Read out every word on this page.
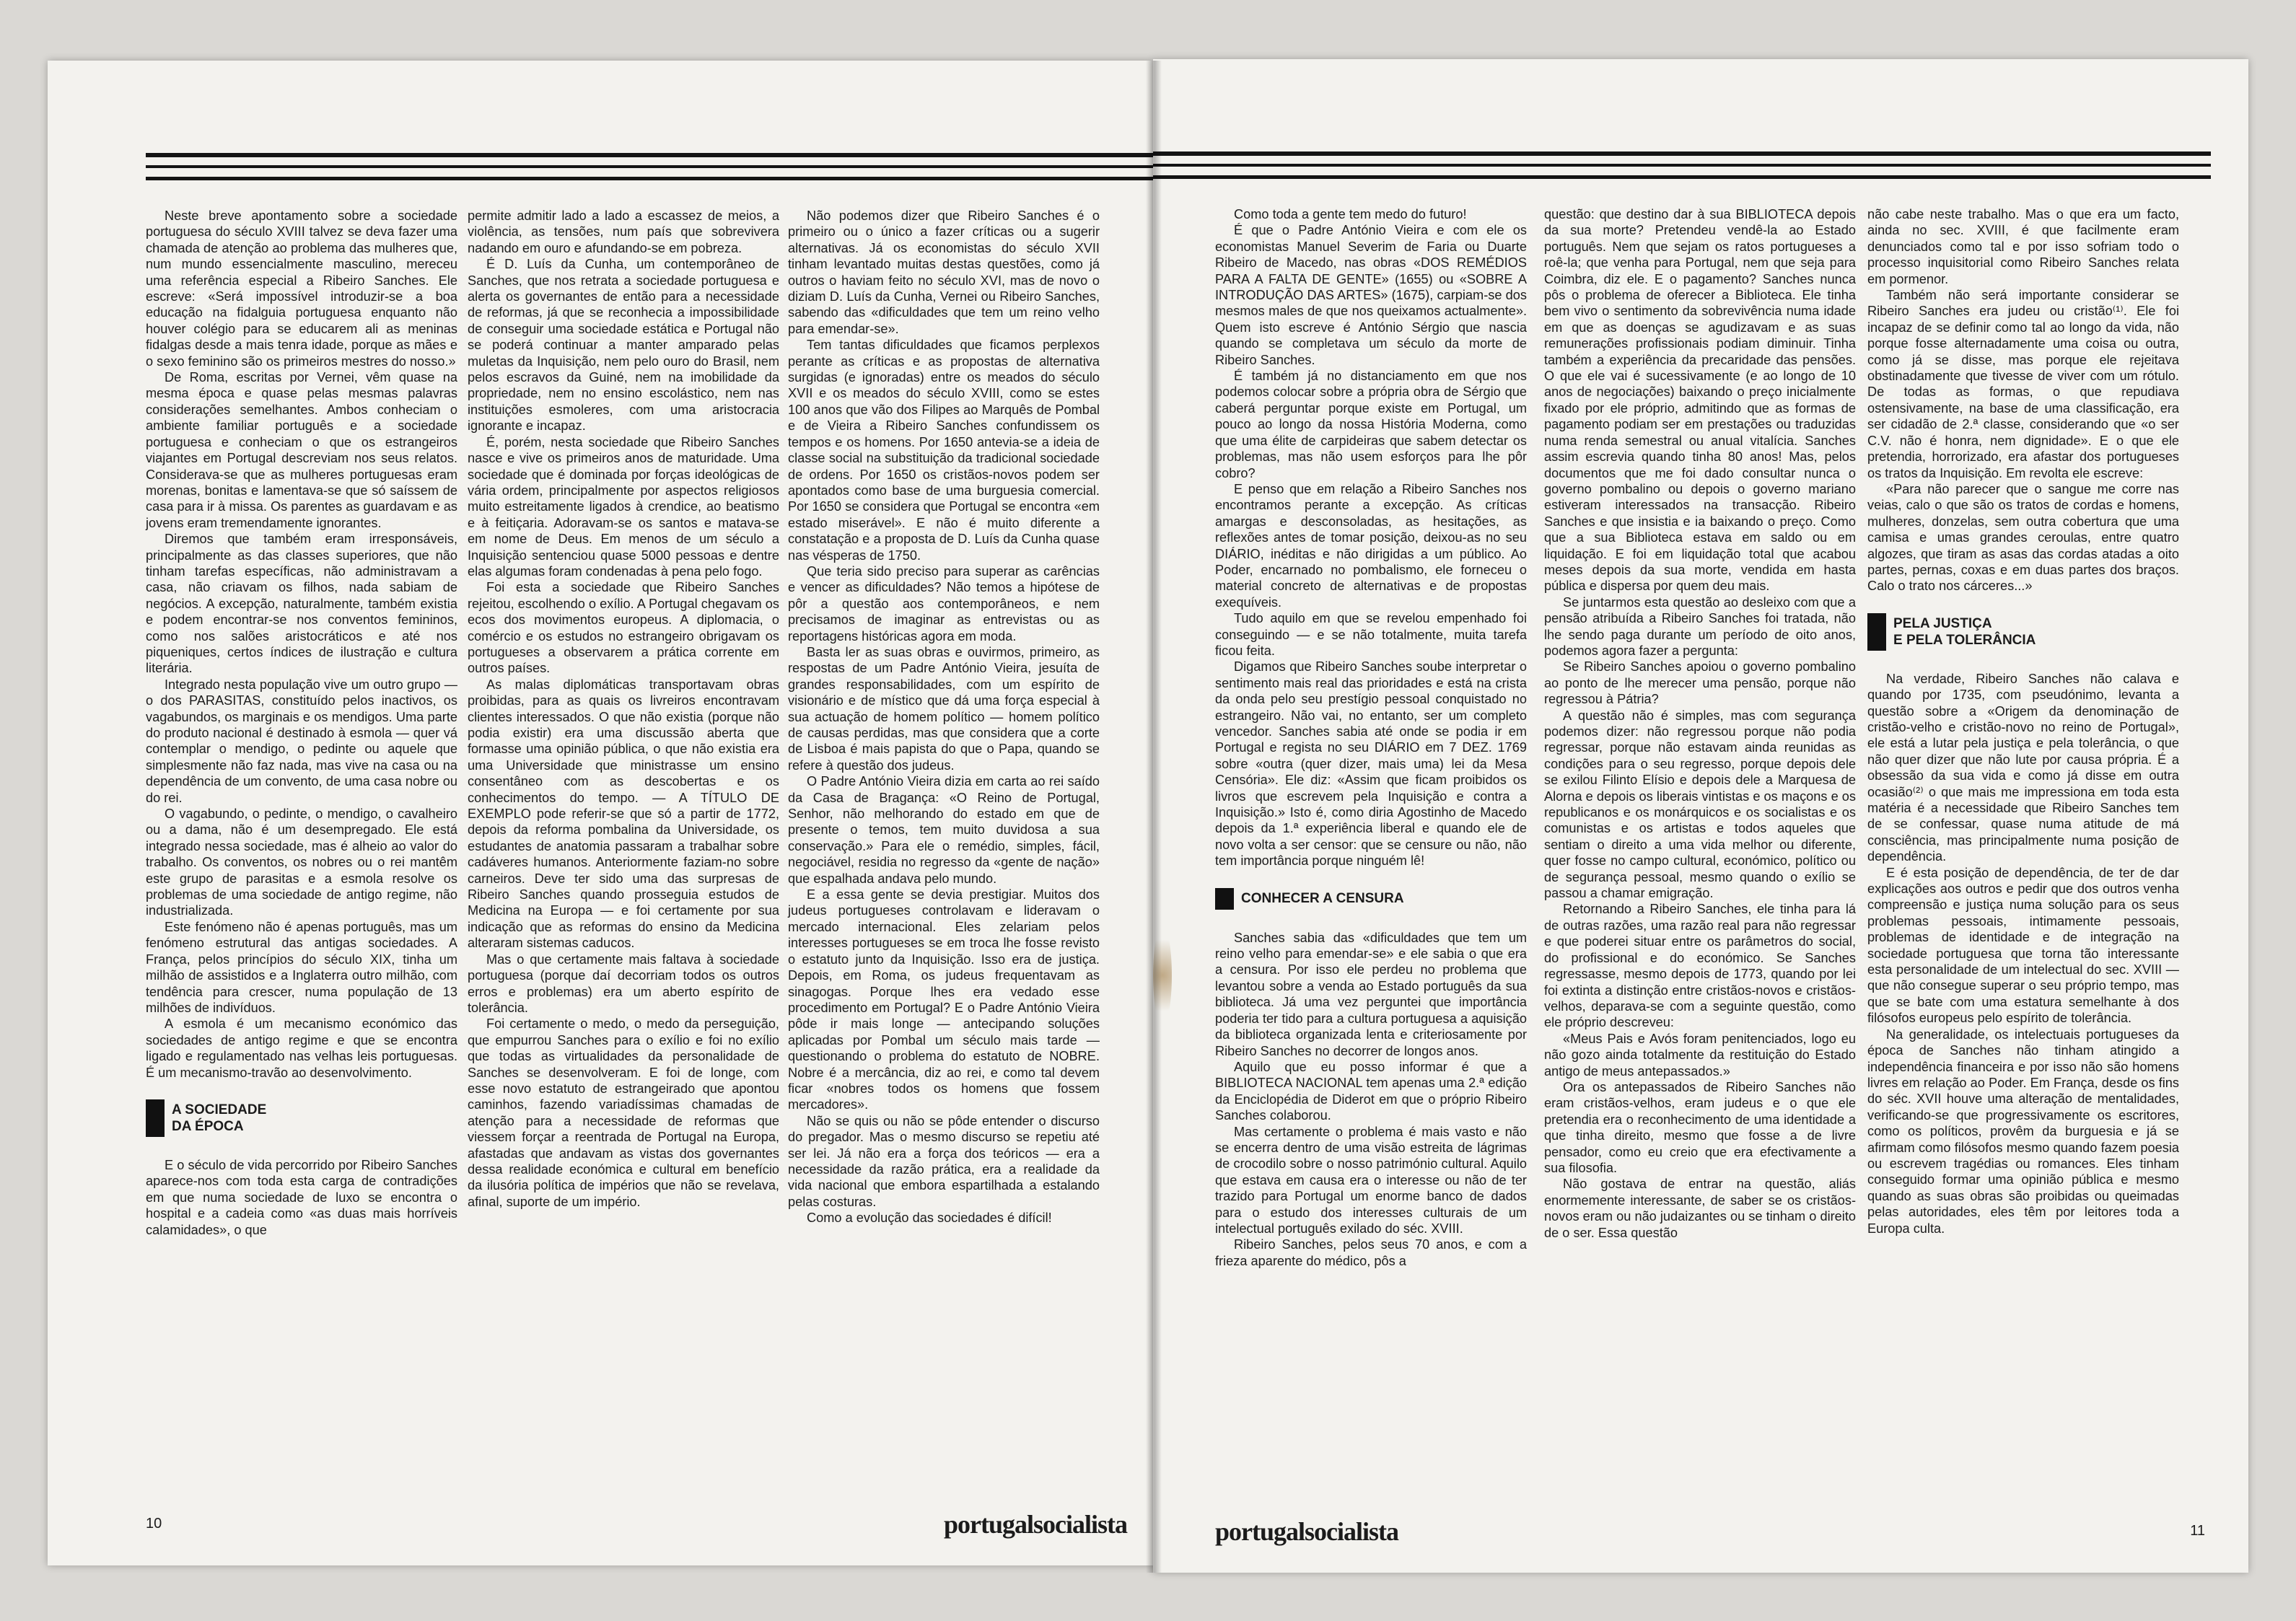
Neste breve apontamento sobre a sociedade portuguesa do século XVIII talvez se deva fazer uma chamada de atenção ao problema das mulheres que, num mundo essencialmente masculino, mereceu uma referência especial a Ribeiro Sanches. Ele escreve: «Será impossível introduzir-se a boa educação na fidalguia portuguesa enquanto não houver colégio para se educarem ali as meninas fidalgas desde a mais tenra idade, porque as mães e o sexo feminino são os primeiros mestres do nosso.»

De Roma, escritas por Vernei, vêm quase na mesma época e quase pelas mesmas palavras considerações semelhantes. Ambos conheciam o ambiente familiar português e a sociedade portuguesa e conheciam o que os estrangeiros viajantes em Portugal descreviam nos seus relatos. Considerava-se que as mulheres portuguesas eram morenas, bonitas e lamentava-se que só saíssem de casa para ir à missa. Os parentes as guardavam e as jovens eram tremendamente ignorantes.

Diremos que também eram irresponsáveis, principalmente as das classes superiores, que não tinham tarefas específicas, não administravam a casa, não criavam os filhos, nada sabiam de negócios. A excepção, naturalmente, também existia e podem encontrar-se nos conventos femininos, como nos salões aristocráticos e até nos piqueniques, certos índices de ilustração e cultura literária.

Integrado nesta população vive um outro grupo — o dos PARASITAS, constituído pelos inactivos, os vagabundos, os marginais e os mendigos. Uma parte do produto nacional é destinado à esmola — quer vá contemplar o mendigo, o pedinte ou aquele que simplesmente não faz nada, mas vive na casa ou na dependência de um convento, de uma casa nobre ou do rei.

O vagabundo, o pedinte, o mendigo, o cavalheiro ou a dama, não é um desempregado. Ele está integrado nessa sociedade, mas é alheio ao valor do trabalho. Os conventos, os nobres ou o rei mantêm este grupo de parasitas e a esmola resolve os problemas de uma sociedade de antigo regime, não industrializada.

Este fenómeno não é apenas português, mas um fenómeno estrutural das antigas sociedades. A França, pelos princípios do século XIX, tinha um milhão de assistidos e a Inglaterra outro milhão, com tendência para crescer, numa população de 13 milhões de indivíduos.

A esmola é um mecanismo económico das sociedades de antigo regime e que se encontra ligado e regulamentado nas velhas leis portuguesas. É um mecanismo-travão ao desenvolvimento.

A SOCIEDADE
DA ÉPOCA

E o século de vida percorrido por Ribeiro Sanches aparece-nos com toda esta carga de contradições em que numa sociedade de luxo se encontra o hospital e a cadeia como «as duas mais horríveis calamidades», o que

permite admitir lado a lado a escassez de meios, a violência, as tensões, num país que sobrevivera nadando em ouro e afundando-se em pobreza.

É D. Luís da Cunha, um contemporâneo de Sanches, que nos retrata a sociedade portuguesa e alerta os governantes de então para a necessidade de reformas, já que se reconhecia a impossibilidade de conseguir uma sociedade estática e Portugal não se poderá continuar a manter amparado pelas muletas da Inquisição, nem pelo ouro do Brasil, nem pelos escravos da Guiné, nem na imobilidade da propriedade, nem no ensino escolástico, nem nas instituições esmoleres, com uma aristocracia ignorante e incapaz.

É, porém, nesta sociedade que Ribeiro Sanches nasce e vive os primeiros anos de maturidade. Uma sociedade que é dominada por forças ideológicas de vária ordem, principalmente por aspectos religiosos muito estreitamente ligados à crendice, ao beatismo e à feitiçaria. Adoravam-se os santos e matava-se em nome de Deus. Em menos de um século a Inquisição sentenciou quase 5000 pessoas e dentre elas algumas foram condenadas à pena pelo fogo.

Foi esta a sociedade que Ribeiro Sanches rejeitou, escolhendo o exílio. A Portugal chegavam os ecos dos movimentos europeus. A diplomacia, o comércio e os estudos no estrangeiro obrigavam os portugueses a observarem a prática corrente em outros países.

As malas diplomáticas transportavam obras proibidas, para as quais os livreiros encontravam clientes interessados. O que não existia (porque não podia existir) era uma discussão aberta que formasse uma opinião pública, o que não existia era uma Universidade que ministrasse um ensino consentâneo com as descobertas e os conhecimentos do tempo. — A TÍTULO DE EXEMPLO pode referir-se que só a partir de 1772, depois da reforma pombalina da Universidade, os estudantes de anatomia passaram a trabalhar sobre cadáveres humanos. Anteriormente faziam-no sobre carneiros. Deve ter sido uma das surpresas de Ribeiro Sanches quando prosseguia estudos de Medicina na Europa — e foi certamente por sua indicação que as reformas do ensino da Medicina alteraram sistemas caducos.

Mas o que certamente mais faltava à sociedade portuguesa (porque daí decorriam todos os outros erros e problemas) era um aberto espírito de tolerância.

Foi certamente o medo, o medo da perseguição, que empurrou Sanches para o exílio e foi no exílio que todas as virtualidades da personalidade de Sanches se desenvolveram. E foi de longe, com esse novo estatuto de estrangeirado que apontou caminhos, fazendo variadíssimas chamadas de atenção para a necessidade de reformas que viessem forçar a reentrada de Portugal na Europa, afastadas que andavam as vistas dos governantes dessa realidade económica e cultural em benefício da ilusória política de impérios que não se revelava, afinal, suporte de um império.

Não podemos dizer que Ribeiro Sanches é o primeiro ou o único a fazer críticas ou a sugerir alternativas. Já os economistas do século XVII tinham levantado muitas destas questões, como já outros o haviam feito no século XVI, mas de novo o diziam D. Luís da Cunha, Vernei ou Ribeiro Sanches, sabendo das «dificuldades que tem um reino velho para emendar-se».

Tem tantas dificuldades que ficamos perplexos perante as críticas e as propostas de alternativa surgidas (e ignoradas) entre os meados do século XVII e os meados do século XVIII, como se estes 100 anos que vão dos Filipes ao Marquês de Pombal e de Vieira a Ribeiro Sanches confundissem os tempos e os homens. Por 1650 antevia-se a ideia de classe social na substituição da tradicional sociedade de ordens. Por 1650 os cristãos-novos podem ser apontados como base de uma burguesia comercial. Por 1650 se considera que Portugal se encontra «em estado miserável». E não é muito diferente a constatação e a proposta de D. Luís da Cunha quase nas vésperas de 1750.

Que teria sido preciso para superar as carências e vencer as dificuldades? Não temos a hipótese de pôr a questão aos contemporâneos, e nem precisamos de imaginar as entrevistas ou as reportagens históricas agora em moda.

Basta ler as suas obras e ouvirmos, primeiro, as respostas de um Padre António Vieira, jesuíta de grandes responsabilidades, com um espírito de visionário e de místico que dá uma força especial à sua actuação de homem político — homem político de causas perdidas, mas que considera que a corte de Lisboa é mais papista do que o Papa, quando se refere à questão dos judeus.

O Padre António Vieira dizia em carta ao rei saído da Casa de Bragança: «O Reino de Portugal, Senhor, não melhorando do estado em que de presente o temos, tem muito duvidosa a sua conservação.» Para ele o remédio, simples, fácil, negociável, residia no regresso da «gente de nação» que espalhada andava pelo mundo.

E a essa gente se devia prestigiar. Muitos dos judeus portugueses controlavam e lideravam o mercado internacional. Eles zelariam pelos interesses portugueses se em troca lhe fosse revisto o estatuto junto da Inquisição. Isso era de justiça. Depois, em Roma, os judeus frequentavam as sinagogas. Porque lhes era vedado esse procedimento em Portugal? E o Padre António Vieira pôde ir mais longe — antecipando soluções aplicadas por Pombal um século mais tarde — questionando o problema do estatuto de NOBRE. Nobre é a mercância, diz ao rei, e como tal devem ficar «nobres todos os homens que fossem mercadores».

Não se quis ou não se pôde entender o discurso do pregador. Mas o mesmo discurso se repetiu até ser lei. Já não era a força dos teóricos — era a necessidade da razão prática, era a realidade da vida nacional que embora espartilhada a estalando pelas costuras.

Como a evolução das sociedades é difícil!

10	portugalsocialista

Como toda a gente tem medo do futuro!

É que o Padre António Vieira e com ele os economistas Manuel Severim de Faria ou Duarte Ribeiro de Macedo, nas obras «DOS REMÉDIOS PARA A FALTA DE GENTE» (1655) ou «SOBRE A INTRODUÇÃO DAS ARTES» (1675), carpiam-se dos mesmos males de que nos queixamos actualmente». Quem isto escreve é António Sérgio que nascia quando se completava um século da morte de Ribeiro Sanches.

É também já no distanciamento em que nos podemos colocar sobre a própria obra de Sérgio que caberá perguntar porque existe em Portugal, um pouco ao longo da nossa História Moderna, como que uma élite de carpideiras que sabem detectar os problemas, mas não usem esforços para lhe pôr cobro?

E penso que em relação a Ribeiro Sanches nos encontramos perante a excepção. As críticas amargas e desconsoladas, as hesitações, as reflexões antes de tomar posição, deixou-as no seu DIÁRIO, inéditas e não dirigidas a um público. Ao Poder, encarnado no pombalismo, ele forneceu o material concreto de alternativas e de propostas exequíveis.

Tudo aquilo em que se revelou empenhado foi conseguindo — e se não totalmente, muita tarefa ficou feita.

Digamos que Ribeiro Sanches soube interpretar o sentimento mais real das prioridades e está na crista da onda pelo seu prestígio pessoal conquistado no estrangeiro. Não vai, no entanto, ser um completo vencedor. Sanches sabia até onde se podia ir em Portugal e regista no seu DIÁRIO em 7 DEZ. 1769 sobre «outra (quer dizer, mais uma) lei da Mesa Censória». Ele diz: «Assim que ficam proibidos os livros que escrevem pela Inquisição e contra a Inquisição.» Isto é, como diria Agostinho de Macedo depois da 1.ª experiência liberal e quando ele de novo volta a ser censor: que se censure ou não, não tem importância porque ninguém lê!

CONHECER A CENSURA

Sanches sabia das «dificuldades que tem um reino velho para emendar-se» e ele sabia o que era a censura. Por isso ele perdeu no problema que levantou sobre a venda ao Estado português da sua biblioteca. Já uma vez perguntei que importância poderia ter tido para a cultura portuguesa a aquisição da biblioteca organizada lenta e criteriosamente por Ribeiro Sanches no decorrer de longos anos.

Aquilo que eu posso informar é que a BIBLIOTECA NACIONAL tem apenas uma 2.ª edição da Enciclopédia de Diderot em que o próprio Ribeiro Sanches colaborou.

Mas certamente o problema é mais vasto e não se encerra dentro de uma visão estreita de lágrimas de crocodilo sobre o nosso património cultural. Aquilo que estava em causa era o interesse ou não de ter trazido para Portugal um enorme banco de dados para o estudo dos interesses culturais de um intelectual português exilado do séc. XVIII.

Ribeiro Sanches, pelos seus 70 anos, e com a frieza aparente do médico, pôs a

questão: que destino dar à sua BIBLIOTECA depois da sua morte? Pretendeu vendê-la ao Estado português. Nem que sejam os ratos portugueses a roê-la; que venha para Portugal, nem que seja para Coimbra, diz ele. E o pagamento? Sanches nunca pôs o problema de oferecer a Biblioteca. Ele tinha bem vivo o sentimento da sobrevivência numa idade em que as doenças se agudizavam e as suas remunerações profissionais podiam diminuir. Tinha também a experiência da precaridade das pensões. O que ele vai é sucessivamente (e ao longo de 10 anos de negociações) baixando o preço inicialmente fixado por ele próprio, admitindo que as formas de pagamento podiam ser em prestações ou traduzidas numa renda semestral ou anual vitalícia. Sanches assim escrevia quando tinha 80 anos! Mas, pelos documentos que me foi dado consultar nunca o governo pombalino ou depois o governo mariano estiveram interessados na transacção. Ribeiro Sanches e que insistia e ia baixando o preço. Como que a sua Biblioteca estava em saldo ou em liquidação. E foi em liquidação total que acabou meses depois da sua morte, vendida em hasta pública e dispersa por quem deu mais.

Se juntarmos esta questão ao desleixo com que a pensão atribuída a Ribeiro Sanches foi tratada, não lhe sendo paga durante um período de oito anos, podemos agora fazer a pergunta:

Se Ribeiro Sanches apoiou o governo pombalino ao ponto de lhe merecer uma pensão, porque não regressou à Pátria?

A questão não é simples, mas com segurança podemos dizer: não regressou porque não podia regressar, porque não estavam ainda reunidas as condições para o seu regresso, porque depois dele se exilou Filinto Elísio e depois dele a Marquesa de Alorna e depois os liberais vintistas e os maçons e os republicanos e os monárquicos e os socialistas e os comunistas e os artistas e todos aqueles que sentiam o direito a uma vida melhor ou diferente, quer fosse no campo cultural, económico, político ou de segurança pessoal, mesmo quando o exílio se passou a chamar emigração.

Retornando a Ribeiro Sanches, ele tinha para lá de outras razões, uma razão real para não regressar e que poderei situar entre os parâmetros do social, do profissional e do económico. Se Sanches regressasse, mesmo depois de 1773, quando por lei foi extinta a distinção entre cristãos-novos e cristãos-velhos, deparava-se com a seguinte questão, como ele próprio descreveu:

«Meus Pais e Avós foram penitenciados, logo eu não gozo ainda totalmente da restituição do Estado antigo de meus antepassados.»

Ora os antepassados de Ribeiro Sanches não eram cristãos-velhos, eram judeus e o que ele pretendia era o reconhecimento de uma identidade a que tinha direito, mesmo que fosse a de livre pensador, como eu creio que era efectivamente a sua filosofia.

Não gostava de entrar na questão, aliás enormemente interessante, de saber se os cristãos-novos eram ou não judaizantes ou se tinham o direito de o ser. Essa questão

não cabe neste trabalho. Mas o que era um facto, ainda no sec. XVIII, é que facilmente eram denunciados como tal e por isso sofriam todo o processo inquisitorial como Ribeiro Sanches relata em pormenor.

Também não será importante considerar se Ribeiro Sanches era judeu ou cristão⁽¹⁾. Ele foi incapaz de se definir como tal ao longo da vida, não porque fosse alternadamente uma coisa ou outra, como já se disse, mas porque ele rejeitava obstinadamente que tivesse de viver com um rótulo. De todas as formas, o que repudiava ostensivamente, na base de uma classificação, era ser cidadão de 2.ª classe, considerando que «o ser C.V. não é honra, nem dignidade». E o que ele pretendia, horrorizado, era afastar dos portugueses os tratos da Inquisição. Em revolta ele escreve:

«Para não parecer que o sangue me corre nas veias, calo o que são os tratos de cordas e homens, mulheres, donzelas, sem outra cobertura que uma camisa e umas grandes ceroulas, entre quatro algozes, que tiram as asas das cordas atadas a oito partes, pernas, coxas e em duas partes dos braços. Calo o trato nos cárceres...»

PELA JUSTIÇA
E PELA TOLERÂNCIA

Na verdade, Ribeiro Sanches não calava e quando por 1735, com pseudónimo, levanta a questão sobre a «Origem da denominação de cristão-velho e cristão-novo no reino de Portugal», ele está a lutar pela justiça e pela tolerância, o que não quer dizer que não lute por causa própria. É a obsessão da sua vida e como já disse em outra ocasião⁽²⁾ o que mais me impressiona em toda esta matéria é a necessidade que Ribeiro Sanches tem de se confessar, quase numa atitude de má consciência, mas principalmente numa posição de dependência.

E é esta posição de dependência, de ter de dar explicações aos outros e pedir que dos outros venha compreensão e justiça numa solução para os seus problemas pessoais, intimamente pessoais, problemas de identidade e de integração na sociedade portuguesa que torna tão interessante esta personalidade de um intelectual do sec. XVIII — que não consegue superar o seu próprio tempo, mas que se bate com uma estatura semelhante à dos filósofos europeus pelo espírito de tolerância.

Na generalidade, os intelectuais portugueses da época de Sanches não tinham atingido a independência financeira e por isso não são homens livres em relação ao Poder. Em França, desde os fins do séc. XVII houve uma alteração de mentalidades, verificando-se que progressivamente os escritores, como os políticos, provêm da burguesia e já se afirmam como filósofos mesmo quando fazem poesia ou escrevem tragédias ou romances. Eles tinham conseguido formar uma opinião pública e mesmo quando as suas obras são proibidas ou queimadas pelas autoridades, eles têm por leitores toda a Europa culta.

portugalsocialista	11
